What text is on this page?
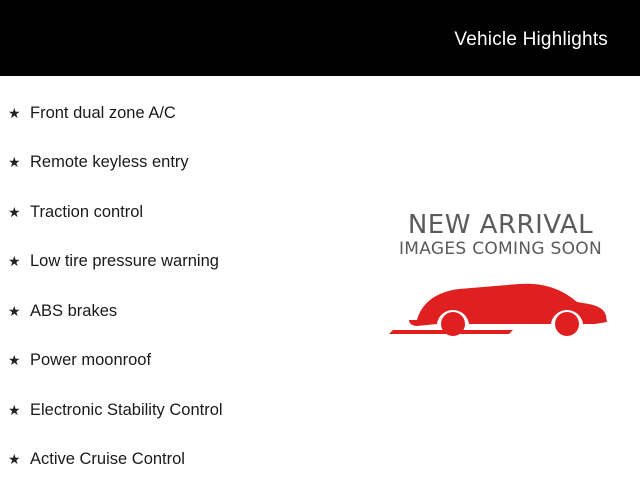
Vehicle Highlights
★ Front dual zone A/C
★ Remote keyless entry
★ Traction control
★ Low tire pressure warning
★ ABS brakes
★ Power moonroof
★ Electronic Stability Control
★ Active Cruise Control
NEW ARRIVAL
IMAGES COMING SOON
